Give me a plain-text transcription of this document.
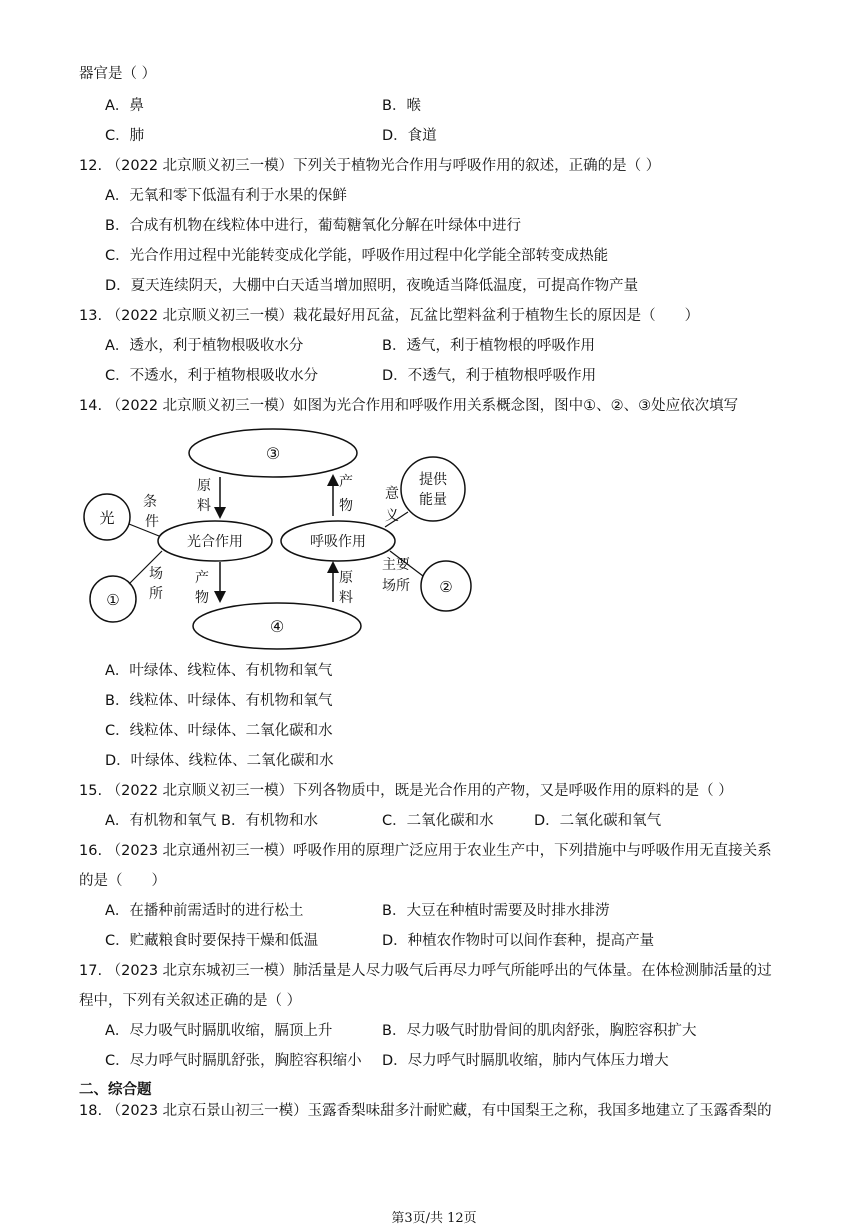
器官是（ ）
A．鼻	B．喉
C．肺	D．食道
12. （2022 北京顺义初三一模）下列关于植物光合作用与呼吸作用的叙述，正确的是（ ）
A．无氧和零下低温有利于水果的保鲜
B．合成有机物在线粒体中进行，葡萄糖氧化分解在叶绿体中进行
C．光合作用过程中光能转变成化学能，呼吸作用过程中化学能全部转变成热能
D．夏天连续阴天，大棚中白天适当增加照明，夜晚适当降低温度，可提高作物产量
13. （2022 北京顺义初三一模）栽花最好用瓦盆，瓦盆比塑料盆利于植物生长的原因是（　　）
A．透水，利于植物根吸收水分	B．透气，利于植物根的呼吸作用
C．不透水，利于植物根吸收水分	D．不透气，利于植物根呼吸作用
14. （2022 北京顺义初三一模）如图为光合作用和呼吸作用关系概念图，图中①、②、③处应依次填写
③
④
光合作用	呼吸作用
光
①
②
提供
能量
条
件
场
所
原
料
产
物
产
物
原
料
意
义
主要
场所
A．叶绿体、线粒体、有机物和氧气
B．线粒体、叶绿体、有机物和氧气
C．线粒体、叶绿体、二氧化碳和水
D．叶绿体、线粒体、二氧化碳和水
15. （2022 北京顺义初三一模）下列各物质中，既是光合作用的产物，又是呼吸作用的原料的是（ ）
A．有机物和氧气 B．有机物和水	C．二氧化碳和水	D．二氧化碳和氧气
16. （2023 北京通州初三一模）呼吸作用的原理广泛应用于农业生产中，下列措施中与呼吸作用无直接关系
的是（　　）
A．在播种前需适时的进行松土	B．大豆在种植时需要及时排水排涝
C．贮藏粮食时要保持干燥和低温	D．种植农作物时可以间作套种，提高产量
17. （2023 北京东城初三一模）肺活量是人尽力吸气后再尽力呼气所能呼出的气体量。在体检测肺活量的过
程中，下列有关叙述正确的是（ ）
A．尽力吸气时膈肌收缩，膈顶上升	B．尽力吸气时肋骨间的肌肉舒张，胸腔容积扩大
C．尽力呼气时膈肌舒张，胸腔容积缩小 D．尽力呼气时膈肌收缩，肺内气体压力增大
二、综合题
18. （2023 北京石景山初三一模）玉露香梨味甜多汁耐贮藏，有中国梨王之称，我国多地建立了玉露香梨的
第3页/共 12页
